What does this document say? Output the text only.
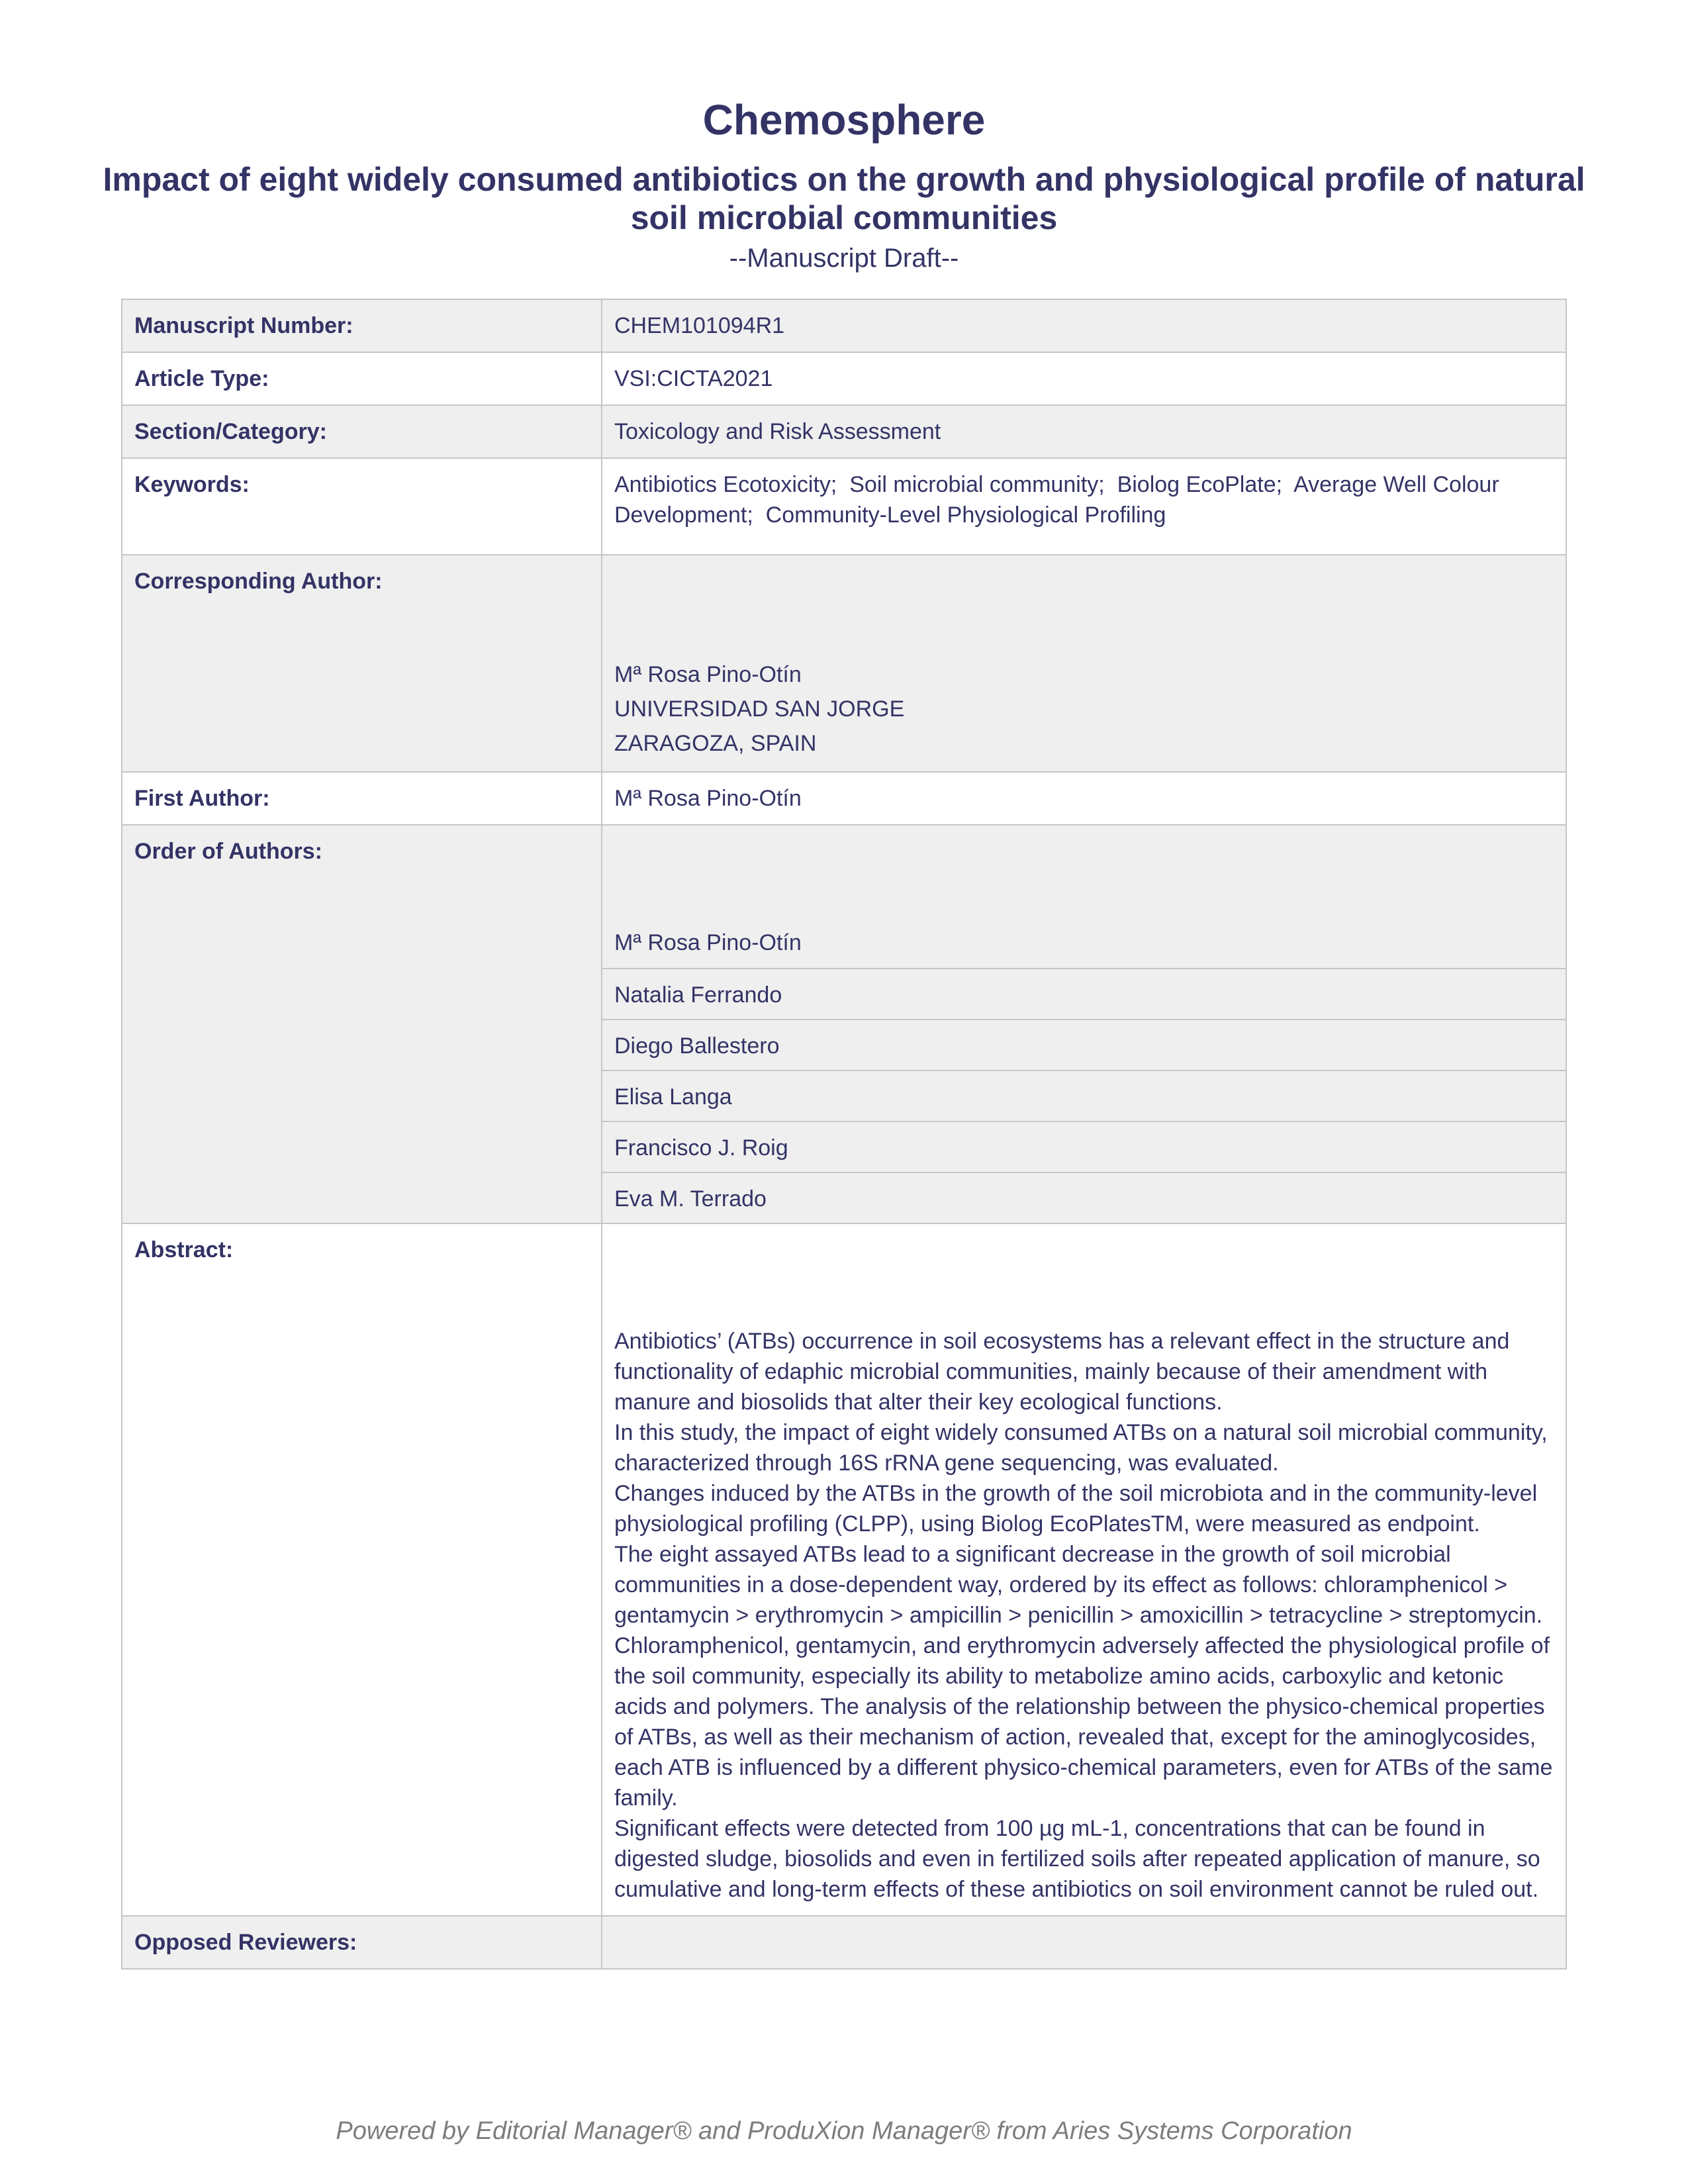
Chemosphere
Impact of eight widely consumed antibiotics on the growth and physiological profile of natural soil microbial communities
--Manuscript Draft--
Manuscript Number:	CHEM101094R1
Article Type:	VSI:CICTA2021
Section/Category:	Toxicology and Risk Assessment
Keywords:	Antibiotics Ecotoxicity;  Soil microbial community;  Biolog EcoPlate;  Average Well Colour Development;  Community-Level Physiological Profiling
Corresponding Author:	Mª Rosa Pino-Otín
UNIVERSIDAD SAN JORGE
ZARAGOZA, SPAIN

First Author:	Mª Rosa Pino-Otín
Order of Authors:	

Mª Rosa Pino-Otín
Natalia Ferrando
Diego Ballestero
Elisa Langa
Francisco J. Roig
Eva M. Terrado

Abstract:	Antibiotics’ (ATBs) occurrence in soil ecosystems has a relevant effect in the structure and functionality of edaphic microbial communities, mainly because of their amendment with manure and biosolids that alter their key ecological functions.
In this study, the impact of eight widely consumed ATBs on a natural soil microbial community, characterized through 16S rRNA gene sequencing, was evaluated.
Changes induced by the ATBs in the growth of the soil microbiota and in the community-level physiological profiling (CLPP), using Biolog EcoPlatesTM, were measured as endpoint.
The eight assayed ATBs lead to a significant decrease in the growth of soil microbial communities in a dose-dependent way, ordered by its effect as follows: chloramphenicol > gentamycin > erythromycin > ampicillin > penicillin > amoxicillin > tetracycline > streptomycin. Chloramphenicol, gentamycin, and erythromycin adversely affected the physiological profile of the soil community, especially its ability to metabolize amino acids, carboxylic and ketonic acids and polymers. The analysis of the relationship between the physico-chemical properties of ATBs, as well as their mechanism of action, revealed that, except for the aminoglycosides, each ATB is influenced by a different physico-chemical parameters, even for ATBs of the same family.
Significant effects were detected from 100 µg mL-1, concentrations that can be found in digested sludge, biosolids and even in fertilized soils after repeated application of manure, so cumulative and long-term effects of these antibiotics on soil environment cannot be ruled out.

Opposed Reviewers:	
Powered by Editorial Manager® and ProduXion Manager® from Aries Systems Corporation
